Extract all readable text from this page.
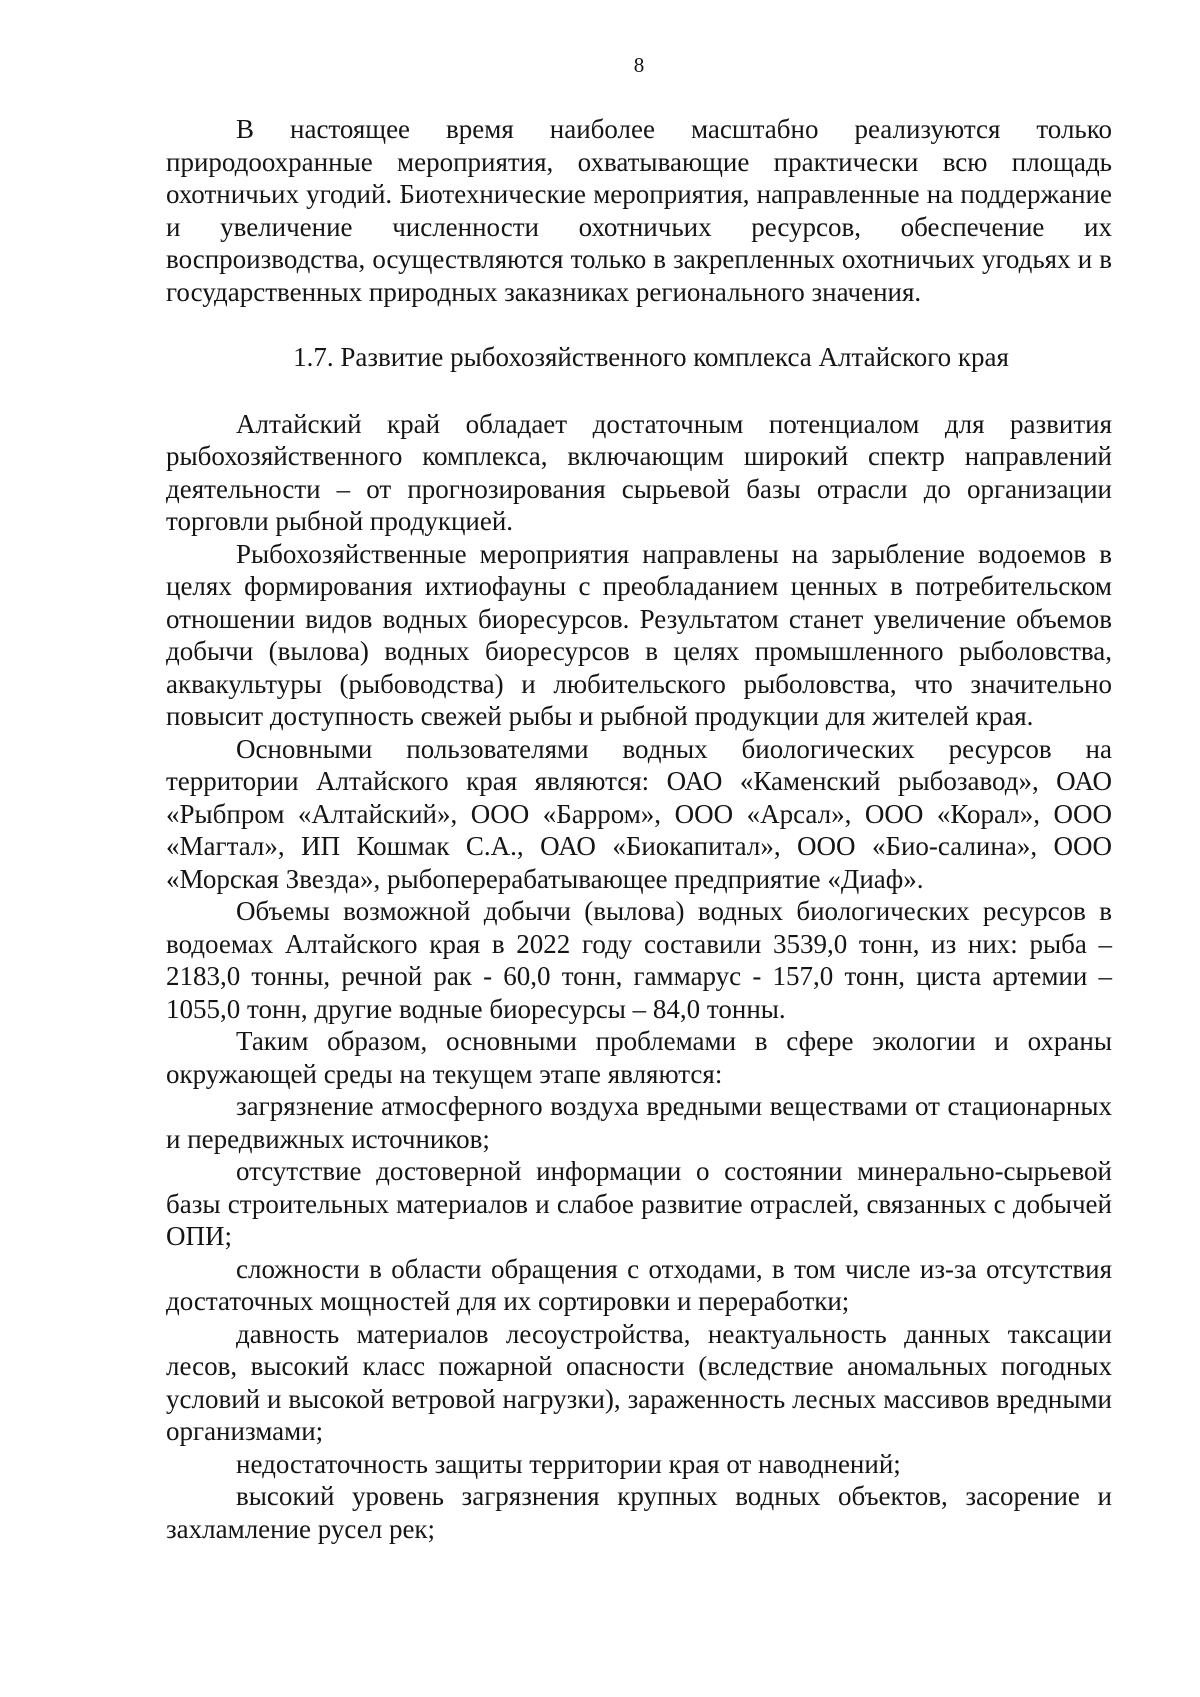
8

В настоящее время наиболее масштабно реализуются только природоохранные мероприятия, охватывающие практически всю площадь охотничьих угодий. Биотехнические мероприятия, направленные на поддержание и увеличение численности охотничьих ресурсов, обеспечение их воспроизводства, осуществляются только в закрепленных охотничьих угодьях и в государственных природных заказниках регионального значения.

1.7. Развитие рыбохозяйственного комплекса Алтайского края

Алтайский край обладает достаточным потенциалом для развития рыбохозяйственного комплекса, включающим широкий спектр направлений деятельности – от прогнозирования сырьевой базы отрасли до организации торговли рыбной продукцией.

Рыбохозяйственные мероприятия направлены на зарыбление водоемов в целях формирования ихтиофауны с преобладанием ценных в потребительском отношении видов водных биоресурсов. Результатом станет увеличение объемов добычи (вылова) водных биоресурсов в целях промышленного рыболовства, аквакультуры (рыбоводства) и любительского рыболовства, что значительно повысит доступность свежей рыбы и рыбной продукции для жителей края.

Основными пользователями водных биологических ресурсов на территории Алтайского края являются: ОАО «Каменский рыбозавод», ОАО «Рыбпром «Алтайский», ООО «Барром», ООО «Арсал», ООО «Корал», ООО «Магтал», ИП Кошмак С.А., ОАО «Биокапитал», ООО «Био-салина», ООО «Морская Звезда», рыбоперерабатывающее предприятие «Диаф».

Объемы возможной добычи (вылова) водных биологических ресурсов в водоемах Алтайского края в 2022 году составили 3539,0 тонн, из них: рыба – 2183,0 тонны, речной рак - 60,0 тонн, гаммарус - 157,0 тонн, циста артемии – 1055,0 тонн, другие водные биоресурсы – 84,0 тонны.

Таким образом, основными проблемами в сфере экологии и охраны окружающей среды на текущем этапе являются:

загрязнение атмосферного воздуха вредными веществами от стационарных и передвижных источников;

отсутствие достоверной информации о состоянии минерально-сырьевой базы строительных материалов и слабое развитие отраслей, связанных с добычей ОПИ;

сложности в области обращения с отходами, в том числе из-за отсутствия достаточных мощностей для их сортировки и переработки;

давность материалов лесоустройства, неактуальность данных таксации лесов, высокий класс пожарной опасности (вследствие аномальных погодных условий и высокой ветровой нагрузки), зараженность лесных массивов вредными организмами;

недостаточность защиты территории края от наводнений;

высокий уровень загрязнения крупных водных объектов, засорение и захламление русел рек;
